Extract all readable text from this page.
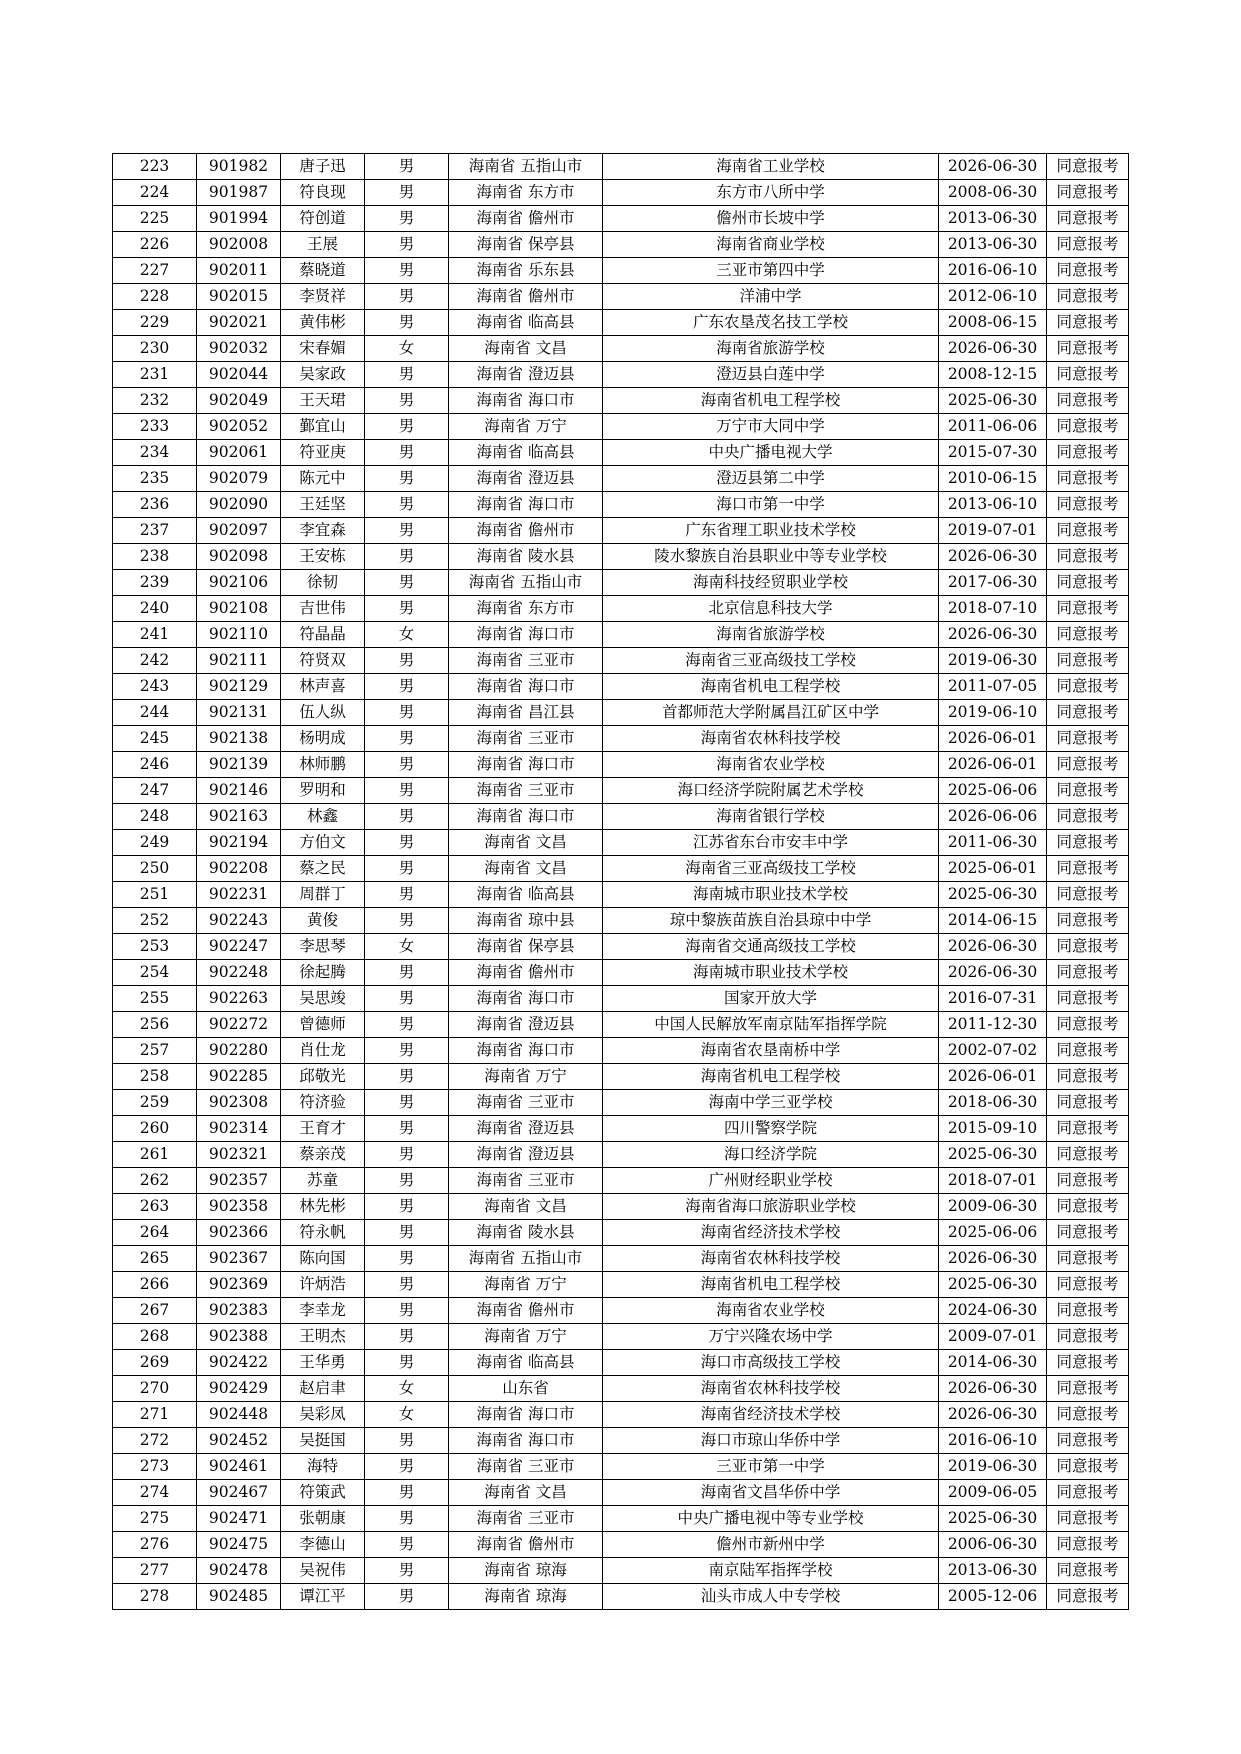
223	901982	唐子迅	男	海南省 五指山市	海南省工业学校	2026-06-30	同意报考
224	901987	符良现	男	海南省 东方市	东方市八所中学	2008-06-30	同意报考
225	901994	符创道	男	海南省 儋州市	儋州市长坡中学	2013-06-30	同意报考
226	902008	王展	男	海南省 保亭县	海南省商业学校	2013-06-30	同意报考
227	902011	蔡晓道	男	海南省 乐东县	三亚市第四中学	2016-06-10	同意报考
228	902015	李贤祥	男	海南省 儋州市	洋浦中学	2012-06-10	同意报考
229	902021	黄伟彬	男	海南省 临高县	广东农垦茂名技工学校	2008-06-15	同意报考
230	902032	宋春媚	女	海南省 文昌	海南省旅游学校	2026-06-30	同意报考
231	902044	吴家政	男	海南省 澄迈县	澄迈县白莲中学	2008-12-15	同意报考
232	902049	王天珺	男	海南省 海口市	海南省机电工程学校	2025-06-30	同意报考
233	902052	鄞宜山	男	海南省 万宁	万宁市大同中学	2011-06-06	同意报考
234	902061	符亚庚	男	海南省 临高县	中央广播电视大学	2015-07-30	同意报考
235	902079	陈元中	男	海南省 澄迈县	澄迈县第二中学	2010-06-15	同意报考
236	902090	王廷坚	男	海南省 海口市	海口市第一中学	2013-06-10	同意报考
237	902097	李宜森	男	海南省 儋州市	广东省理工职业技术学校	2019-07-01	同意报考
238	902098	王安栋	男	海南省 陵水县	陵水黎族自治县职业中等专业学校	2026-06-30	同意报考
239	902106	徐韧	男	海南省 五指山市	海南科技经贸职业学校	2017-06-30	同意报考
240	902108	吉世伟	男	海南省 东方市	北京信息科技大学	2018-07-10	同意报考
241	902110	符晶晶	女	海南省 海口市	海南省旅游学校	2026-06-30	同意报考
242	902111	符贤双	男	海南省 三亚市	海南省三亚高级技工学校	2019-06-30	同意报考
243	902129	林声喜	男	海南省 海口市	海南省机电工程学校	2011-07-05	同意报考
244	902131	伍人纵	男	海南省 昌江县	首都师范大学附属昌江矿区中学	2019-06-10	同意报考
245	902138	杨明成	男	海南省 三亚市	海南省农林科技学校	2026-06-01	同意报考
246	902139	林师鹏	男	海南省 海口市	海南省农业学校	2026-06-01	同意报考
247	902146	罗明和	男	海南省 三亚市	海口经济学院附属艺术学校	2025-06-06	同意报考
248	902163	林鑫	男	海南省 海口市	海南省银行学校	2026-06-06	同意报考
249	902194	方伯文	男	海南省 文昌	江苏省东台市安丰中学	2011-06-30	同意报考
250	902208	蔡之民	男	海南省 文昌	海南省三亚高级技工学校	2025-06-01	同意报考
251	902231	周群丁	男	海南省 临高县	海南城市职业技术学校	2025-06-30	同意报考
252	902243	黄俊	男	海南省 琼中县	琼中黎族苗族自治县琼中中学	2014-06-15	同意报考
253	902247	李思琴	女	海南省 保亭县	海南省交通高级技工学校	2026-06-30	同意报考
254	902248	徐起腾	男	海南省 儋州市	海南城市职业技术学校	2026-06-30	同意报考
255	902263	吴思竣	男	海南省 海口市	国家开放大学	2016-07-31	同意报考
256	902272	曾德师	男	海南省 澄迈县	中国人民解放军南京陆军指挥学院	2011-12-30	同意报考
257	902280	肖仕龙	男	海南省 海口市	海南省农垦南桥中学	2002-07-02	同意报考
258	902285	邱敬光	男	海南省 万宁	海南省机电工程学校	2026-06-01	同意报考
259	902308	符济验	男	海南省 三亚市	海南中学三亚学校	2018-06-30	同意报考
260	902314	王育才	男	海南省 澄迈县	四川警察学院	2015-09-10	同意报考
261	902321	蔡亲茂	男	海南省 澄迈县	海口经济学院	2025-06-30	同意报考
262	902357	苏童	男	海南省 三亚市	广州财经职业学校	2018-07-01	同意报考
263	902358	林先彬	男	海南省 文昌	海南省海口旅游职业学校	2009-06-30	同意报考
264	902366	符永帆	男	海南省 陵水县	海南省经济技术学校	2025-06-06	同意报考
265	902367	陈向国	男	海南省 五指山市	海南省农林科技学校	2026-06-30	同意报考
266	902369	许炳浩	男	海南省 万宁	海南省机电工程学校	2025-06-30	同意报考
267	902383	李幸龙	男	海南省 儋州市	海南省农业学校	2024-06-30	同意报考
268	902388	王明杰	男	海南省 万宁	万宁兴隆农场中学	2009-07-01	同意报考
269	902422	王华勇	男	海南省 临高县	海口市高级技工学校	2014-06-30	同意报考
270	902429	赵启聿	女	山东省	海南省农林科技学校	2026-06-30	同意报考
271	902448	吴彩凤	女	海南省 海口市	海南省经济技术学校	2026-06-30	同意报考
272	902452	吴挺国	男	海南省 海口市	海口市琼山华侨中学	2016-06-10	同意报考
273	902461	海特	男	海南省 三亚市	三亚市第一中学	2019-06-30	同意报考
274	902467	符策武	男	海南省 文昌	海南省文昌华侨中学	2009-06-05	同意报考
275	902471	张朝康	男	海南省 三亚市	中央广播电视中等专业学校	2025-06-30	同意报考
276	902475	李德山	男	海南省 儋州市	儋州市新州中学	2006-06-30	同意报考
277	902478	吴祝伟	男	海南省 琼海	南京陆军指挥学校	2013-06-30	同意报考
278	902485	谭江平	男	海南省 琼海	汕头市成人中专学校	2005-12-06	同意报考
